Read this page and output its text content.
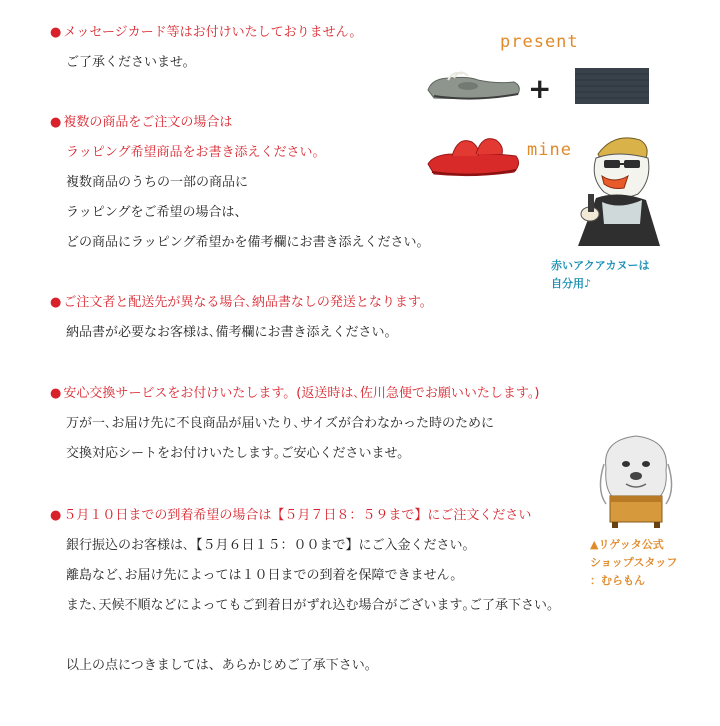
● メッセージカード等はお付けいたしておりません。
ご了承くださいませ。
● 複数の商品をご注文の場合は
ラッピング希望商品をお書き添えください。
複数商品のうちの一部の商品に
ラッピングをご希望の場合は、
どの商品にラッピング希望かを備考欄にお書き添えください。
● ご注文者と配送先が異なる場合､納品書なしの発送となります。
納品書が必要なお客様は､備考欄にお書き添えください。
● 安心交換サービスをお付けいたします。(返送時は､佐川急便でお願いいたします。)
万が一､お届け先に不良商品が届いたり､サイズが合わなかった時のために
交換対応シートをお付けいたします｡ご安心くださいませ。
● ５月１０日までの到着希望の場合は【５月７日８：５９まで】にご注文ください
銀行振込のお客様は､【５月６日１５：００まで】にご入金ください。
離島など､お届け先によっては１０日までの到着を保障できません。
また､天候不順などによってもご到着日がずれ込む場合がございます｡ご了承下さい。
以上の点につきましては、あらかじめご了承下さい。
present
+
mine
赤いアクアカヌーは
自分用♪
▲リゲッタ公式
ショップスタッフ
：むらもん
